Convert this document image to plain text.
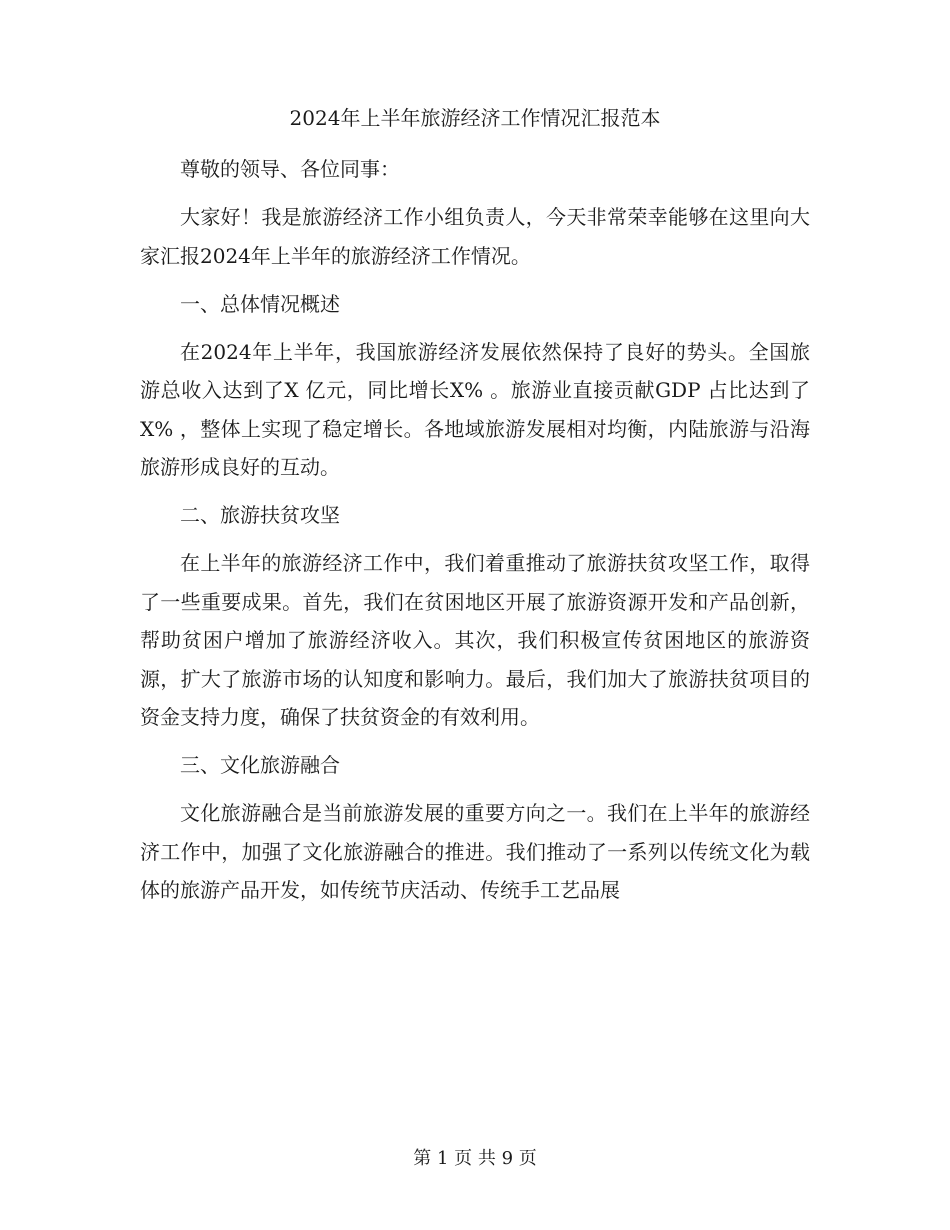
2024年上半年旅游经济工作情况汇报范本

尊敬的领导、各位同事：

大家好！我是旅游经济工作小组负责人，今天非常荣幸能够在这里向大家汇报2024年上半年的旅游经济工作情况。

一、总体情况概述

在2024年上半年，我国旅游经济发展依然保持了良好的势头。全国旅游总收入达到了X 亿元，同比增长X% 。旅游业直接贡献GDP 占比达到了X% ，整体上实现了稳定增长。各地域旅游发展相对均衡，内陆旅游与沿海旅游形成良好的互动。

二、旅游扶贫攻坚

在上半年的旅游经济工作中，我们着重推动了旅游扶贫攻坚工作，取得了一些重要成果。首先，我们在贫困地区开展了旅游资源开发和产品创新，帮助贫困户增加了旅游经济收入。其次，我们积极宣传贫困地区的旅游资源，扩大了旅游市场的认知度和影响力。最后，我们加大了旅游扶贫项目的资金支持力度，确保了扶贫资金的有效利用。

三、文化旅游融合

文化旅游融合是当前旅游发展的重要方向之一。我们在上半年的旅游经济工作中，加强了文化旅游融合的推进。我们推动了一系列以传统文化为载体的旅游产品开发，如传统节庆活动、传统手工艺品展

第 1 页 共 9 页
